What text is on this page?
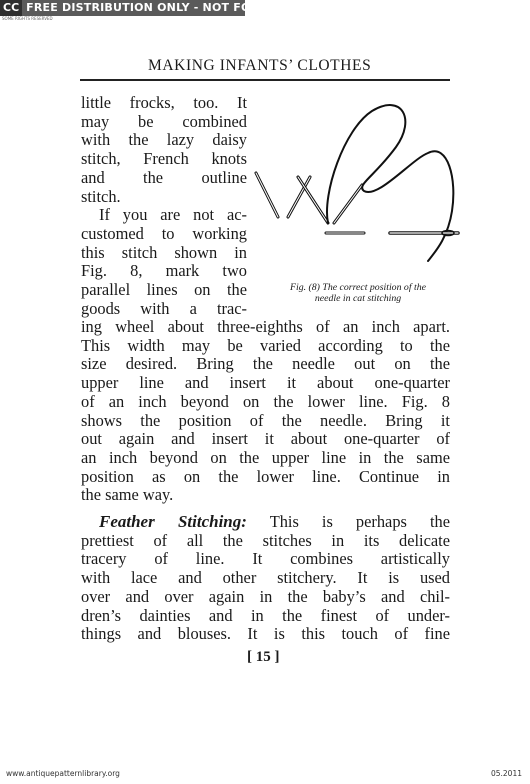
CC FREE DISTRIBUTION ONLY - NOT FOR SALE
SOME RIGHTS RESERVED
MAKING INFANTS’ CLOTHES
little frocks, too. It
may be combined
with the lazy daisy
stitch, French knots
and the outline
stitch.
If you are not ac-
customed to working
this stitch shown in
Fig. 8, mark two
parallel lines on the
goods with a trac-
Fig. (8) The correct position of the
needle in cat stitching
ing wheel about three-eighths of an inch apart.
This width may be varied according to the
size desired. Bring the needle out on the
upper line and insert it about one-quarter
of an inch beyond on the lower line. Fig. 8
shows the position of the needle. Bring it
out again and insert it about one-quarter of
an inch beyond on the upper line in the same
position as on the lower line. Continue in
the same way.
Feather Stitching: This is perhaps the
prettiest of all the stitches in its delicate
tracery of line. It combines artistically
with lace and other stitchery. It is used
over and over again in the baby’s and chil-
dren’s dainties and in the finest of under-
things and blouses. It is this touch of fine
[ 15 ]
www.antiquepatternlibrary.org	05.2011
